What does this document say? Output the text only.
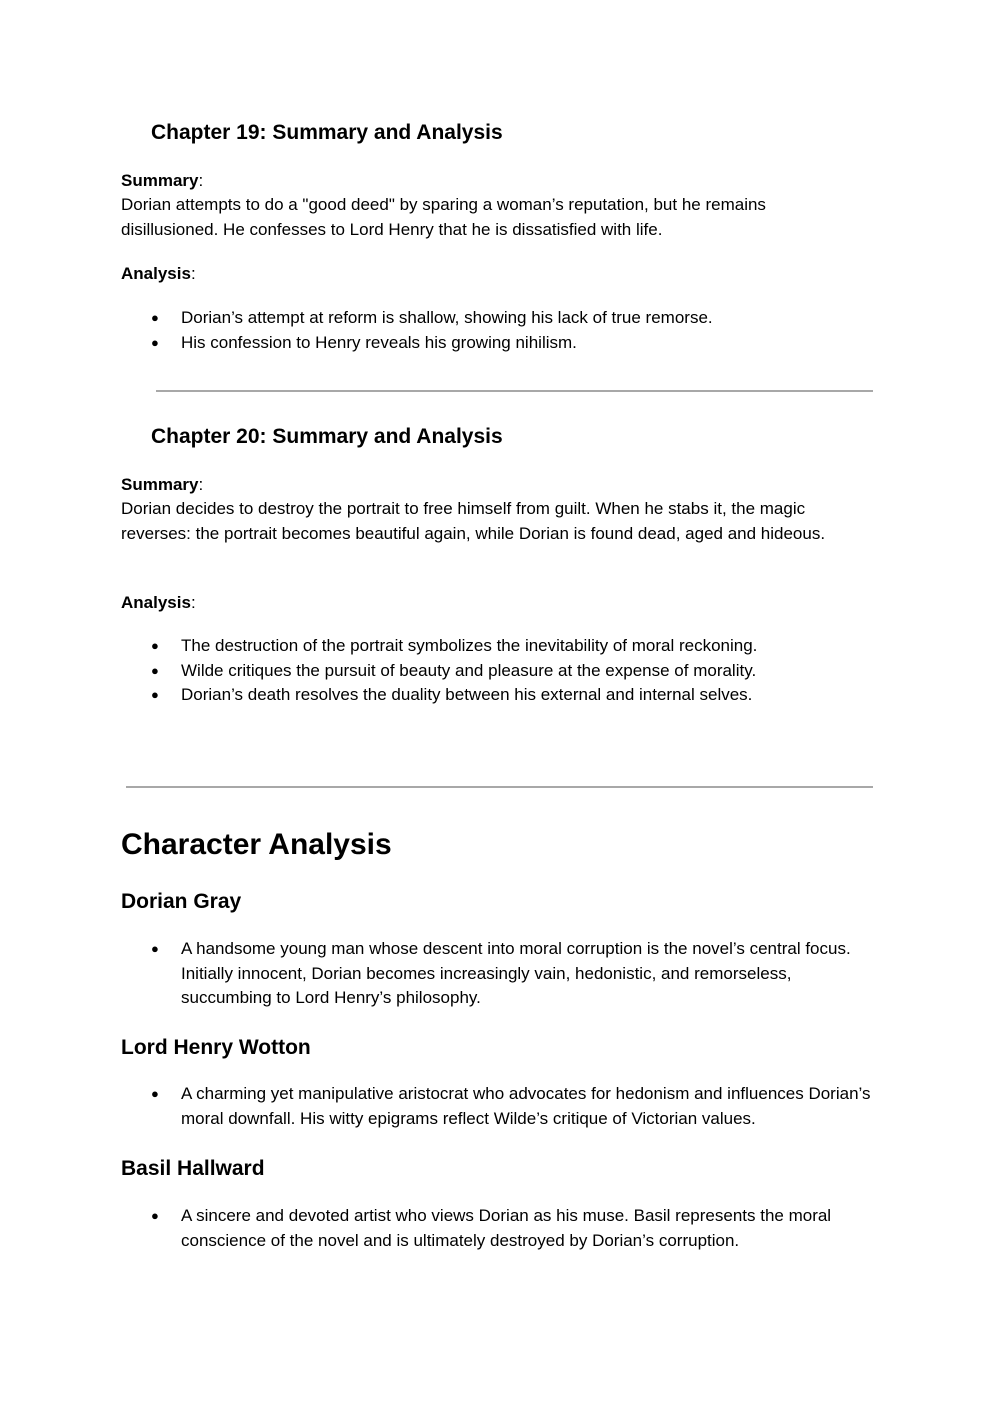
Chapter 19: Summary and Analysis

Summary:

Dorian attempts to do a "good deed" by sparing a woman’s reputation, but he remains disillusioned. He confesses to Lord Henry that he is dissatisfied with life.

Analysis:

● Dorian’s attempt at reform is shallow, showing his lack of true remorse.
● His confession to Henry reveals his growing nihilism.
Chapter 20: Summary and Analysis

Summary:

Dorian decides to destroy the portrait to free himself from guilt. When he stabs it, the magic reverses: the portrait becomes beautiful again, while Dorian is found dead, aged and hideous.

Analysis:

● The destruction of the portrait symbolizes the inevitability of moral reckoning.
● Wilde critiques the pursuit of beauty and pleasure at the expense of morality.
● Dorian’s death resolves the duality between his external and internal selves.
Character Analysis
Dorian Gray
● A handsome young man whose descent into moral corruption is the novel’s central focus. Initially innocent, Dorian becomes increasingly vain, hedonistic, and remorseless, succumbing to Lord Henry’s philosophy.
Lord Henry Wotton
● A charming yet manipulative aristocrat who advocates for hedonism and influences Dorian’s moral downfall. His witty epigrams reflect Wilde’s critique of Victorian values.
Basil Hallward
● A sincere and devoted artist who views Dorian as his muse. Basil represents the moral conscience of the novel and is ultimately destroyed by Dorian’s corruption.
